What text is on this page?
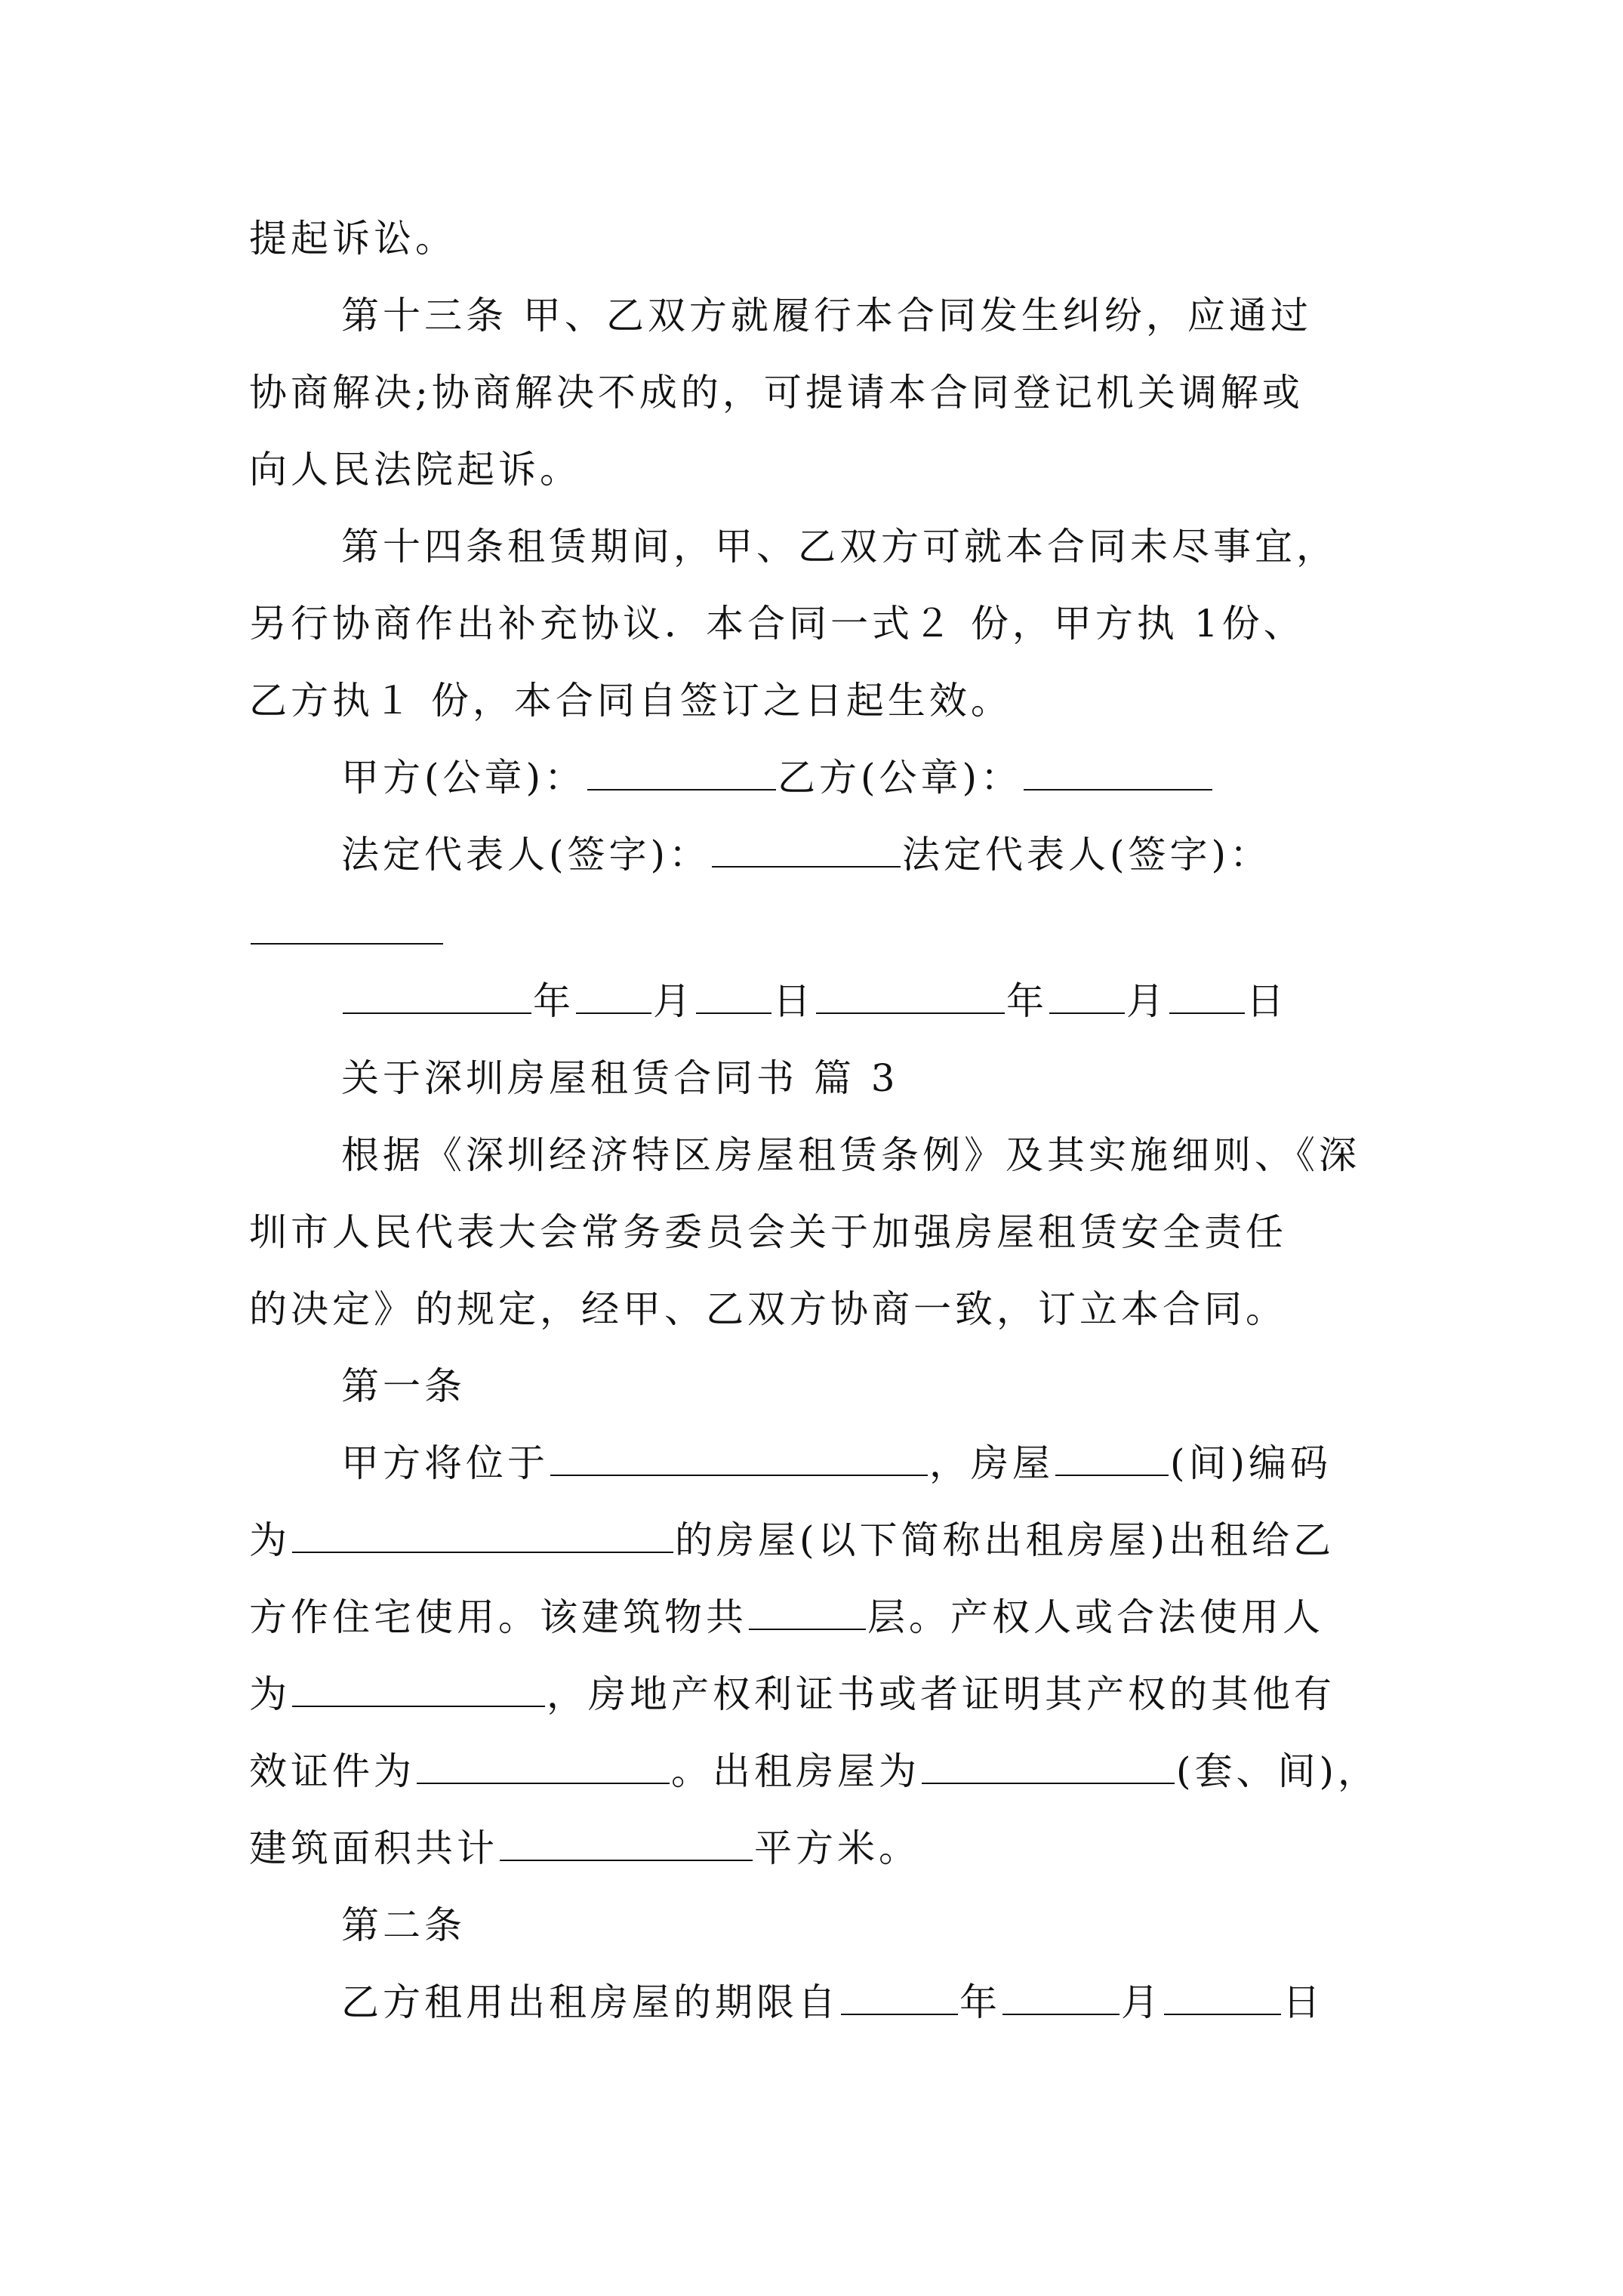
提起诉讼。
第十三条 甲、乙双方就履行本合同发生纠纷，应通过
协商解决;协商解决不成的，可提请本合同登记机关调解或
向人民法院起诉。
第十四条租赁期间，甲、乙双方可就本合同未尽事宜，
另行协商作出补充协议．本合同一式２ 份，甲方执 1份、
乙方执１ 份，本合同自签订之日起生效。
甲方(公章)：	乙方(公章)：
法定代表人(签字)：	法定代表人(签字)：
年 月 日	年 月 日
关于深圳房屋租赁合同书 篇 3
根据《深圳经济特区房屋租赁条例》及其实施细则、《深
圳市人民代表大会常务委员会关于加强房屋租赁安全责任
的决定》的规定，经甲、乙双方协商一致，订立本合同。
第一条
甲方将位于	，房屋	(间)编码
为	的房屋(以下简称出租房屋)出租给乙
方作住宅使用。该建筑物共	层。产权人或合法使用人
为	，房地产权利证书或者证明其产权的其他有
效证件为	。出租房屋为	(套、间)，
建筑面积共计	平方米。
第二条
乙方租用出租房屋的期限自	年	月	日
